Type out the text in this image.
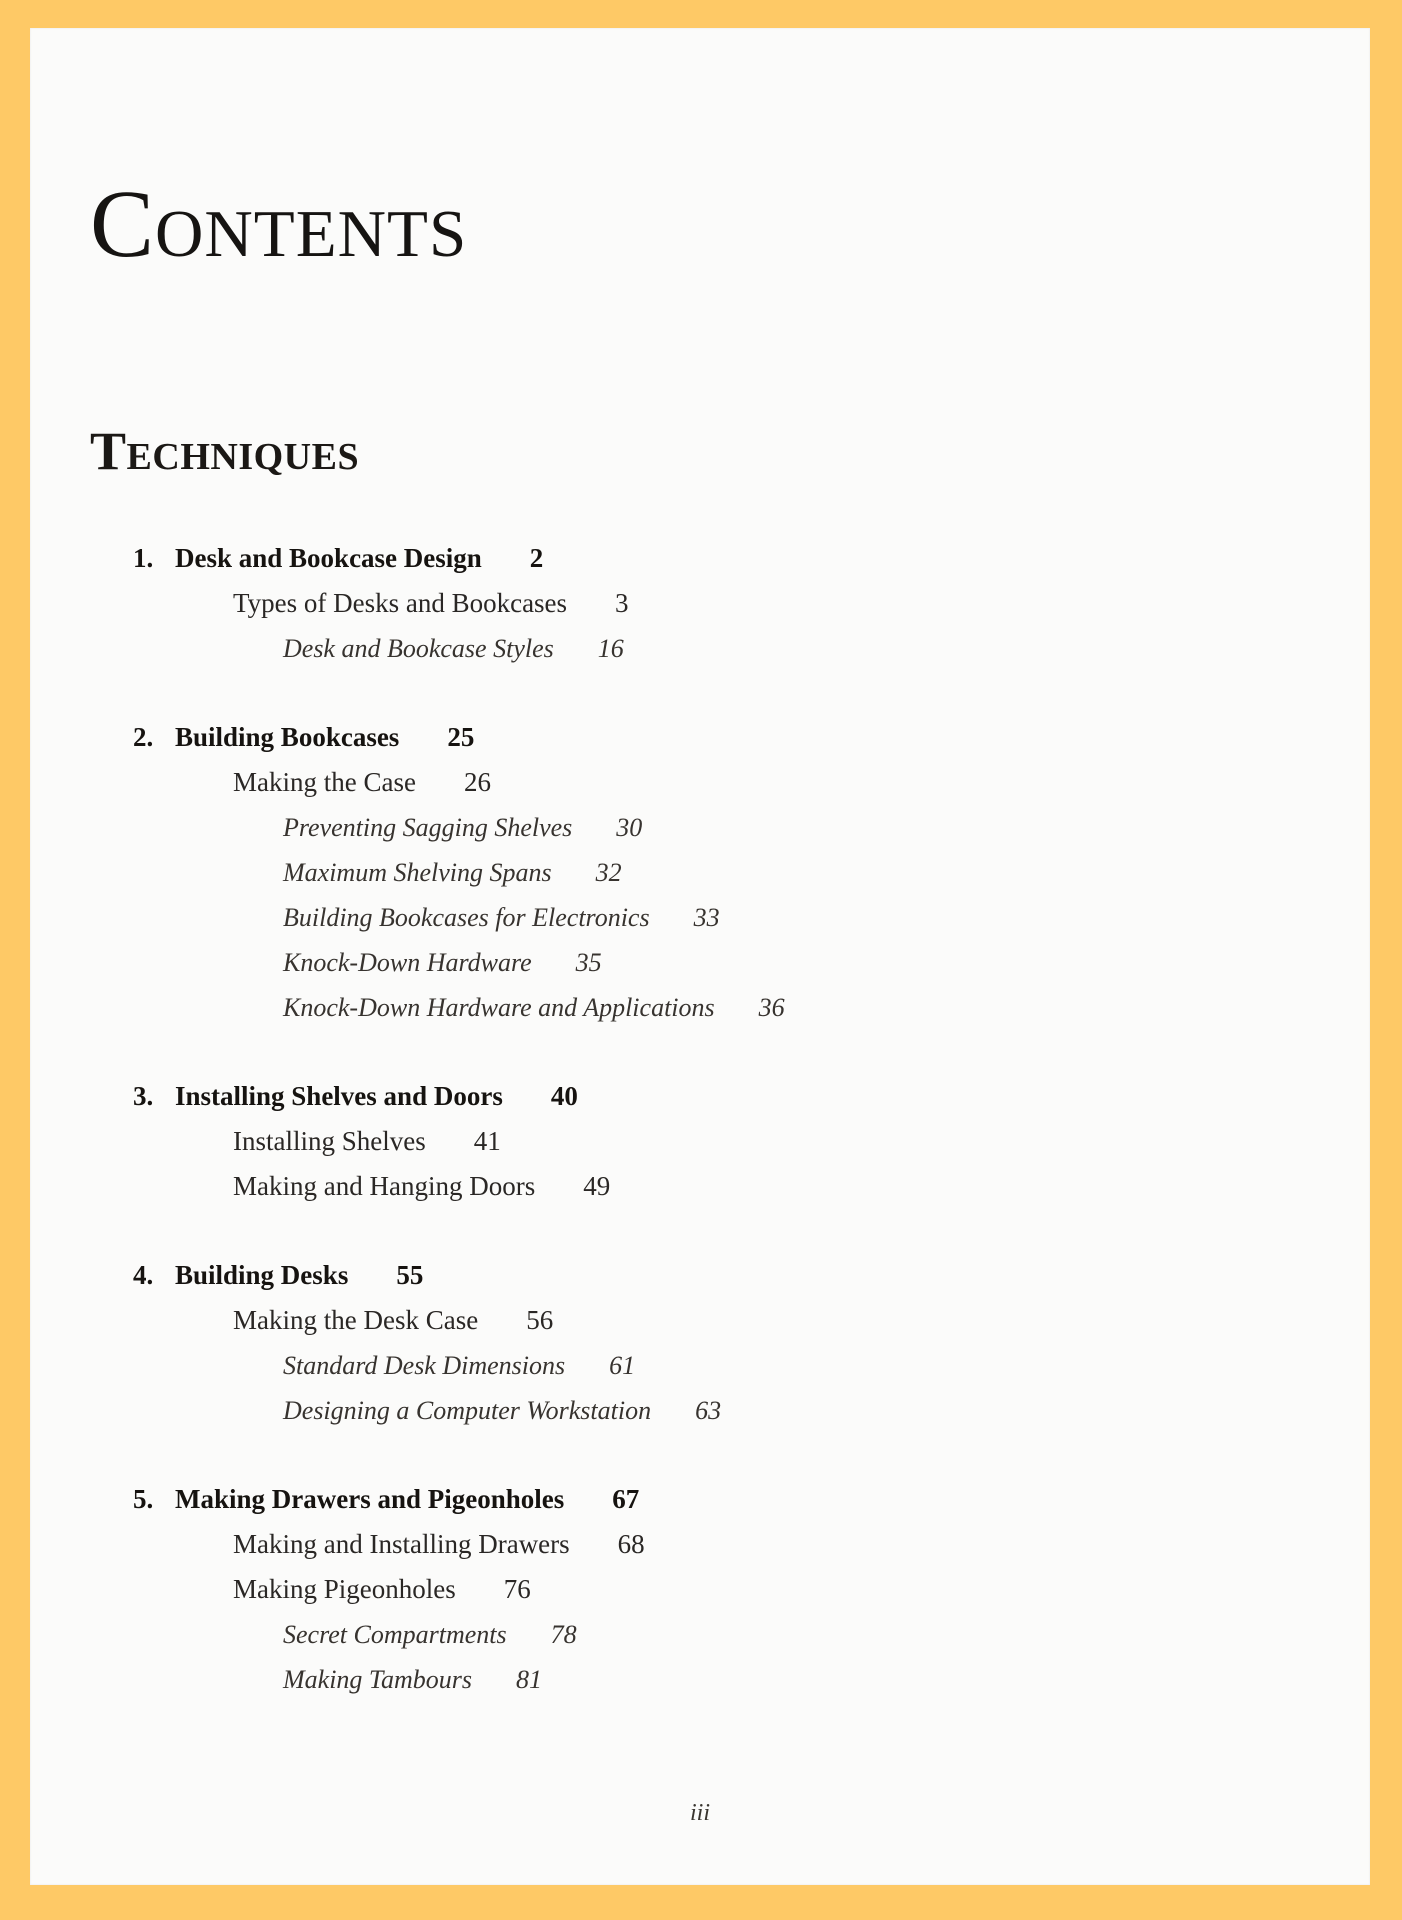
Contents
Techniques
1. Desk and Bookcase Design 2
Types of Desks and Bookcases 3
Desk and Bookcase Styles 16
2. Building Bookcases 25
Making the Case 26
Preventing Sagging Shelves 30
Maximum Shelving Spans 32
Building Bookcases for Electronics 33
Knock-Down Hardware 35
Knock-Down Hardware and Applications 36
3. Installing Shelves and Doors 40
Installing Shelves 41
Making and Hanging Doors 49
4. Building Desks 55
Making the Desk Case 56
Standard Desk Dimensions 61
Designing a Computer Workstation 63
5. Making Drawers and Pigeonholes 67
Making and Installing Drawers 68
Making Pigeonholes 76
Secret Compartments 78
Making Tambours 81
iii
